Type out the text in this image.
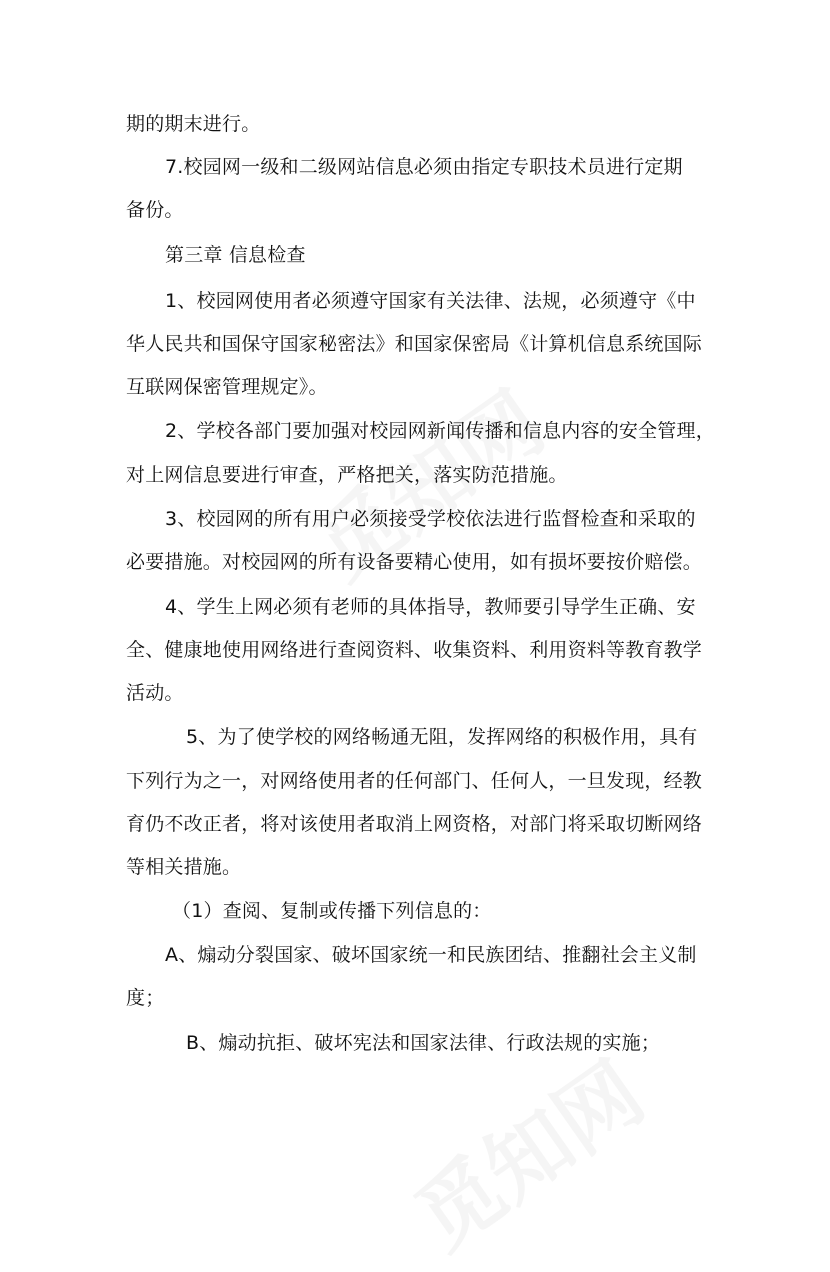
期的期末进行。
7.校园网一级和二级网站信息必须由指定专职技术员进行定期
备份。
第三章 信息检查
1、校园网使用者必须遵守国家有关法律、法规，必须遵守《中
华人民共和国保守国家秘密法》和国家保密局《计算机信息系统国际
互联网保密管理规定》。
2、学校各部门要加强对校园网新闻传播和信息内容的安全管理，
对上网信息要进行审查，严格把关，落实防范措施。
3、校园网的所有用户必须接受学校依法进行监督检查和采取的
必要措施。对校园网的所有设备要精心使用，如有损坏要按价赔偿。
4、学生上网必须有老师的具体指导，教师要引导学生正确、安
全、健康地使用网络进行查阅资料、收集资料、利用资料等教育教学
活动。
5、为了使学校的网络畅通无阻，发挥网络的积极作用，具有
下列行为之一，对网络使用者的任何部门、任何人，一旦发现，经教
育仍不改正者，将对该使用者取消上网资格，对部门将采取切断网络
等相关措施。
（1）查阅、复制或传播下列信息的：
A、煽动分裂国家、破坏国家统一和民族团结、推翻社会主义制
度；
B、煽动抗拒、破坏宪法和国家法律、行政法规的实施；
